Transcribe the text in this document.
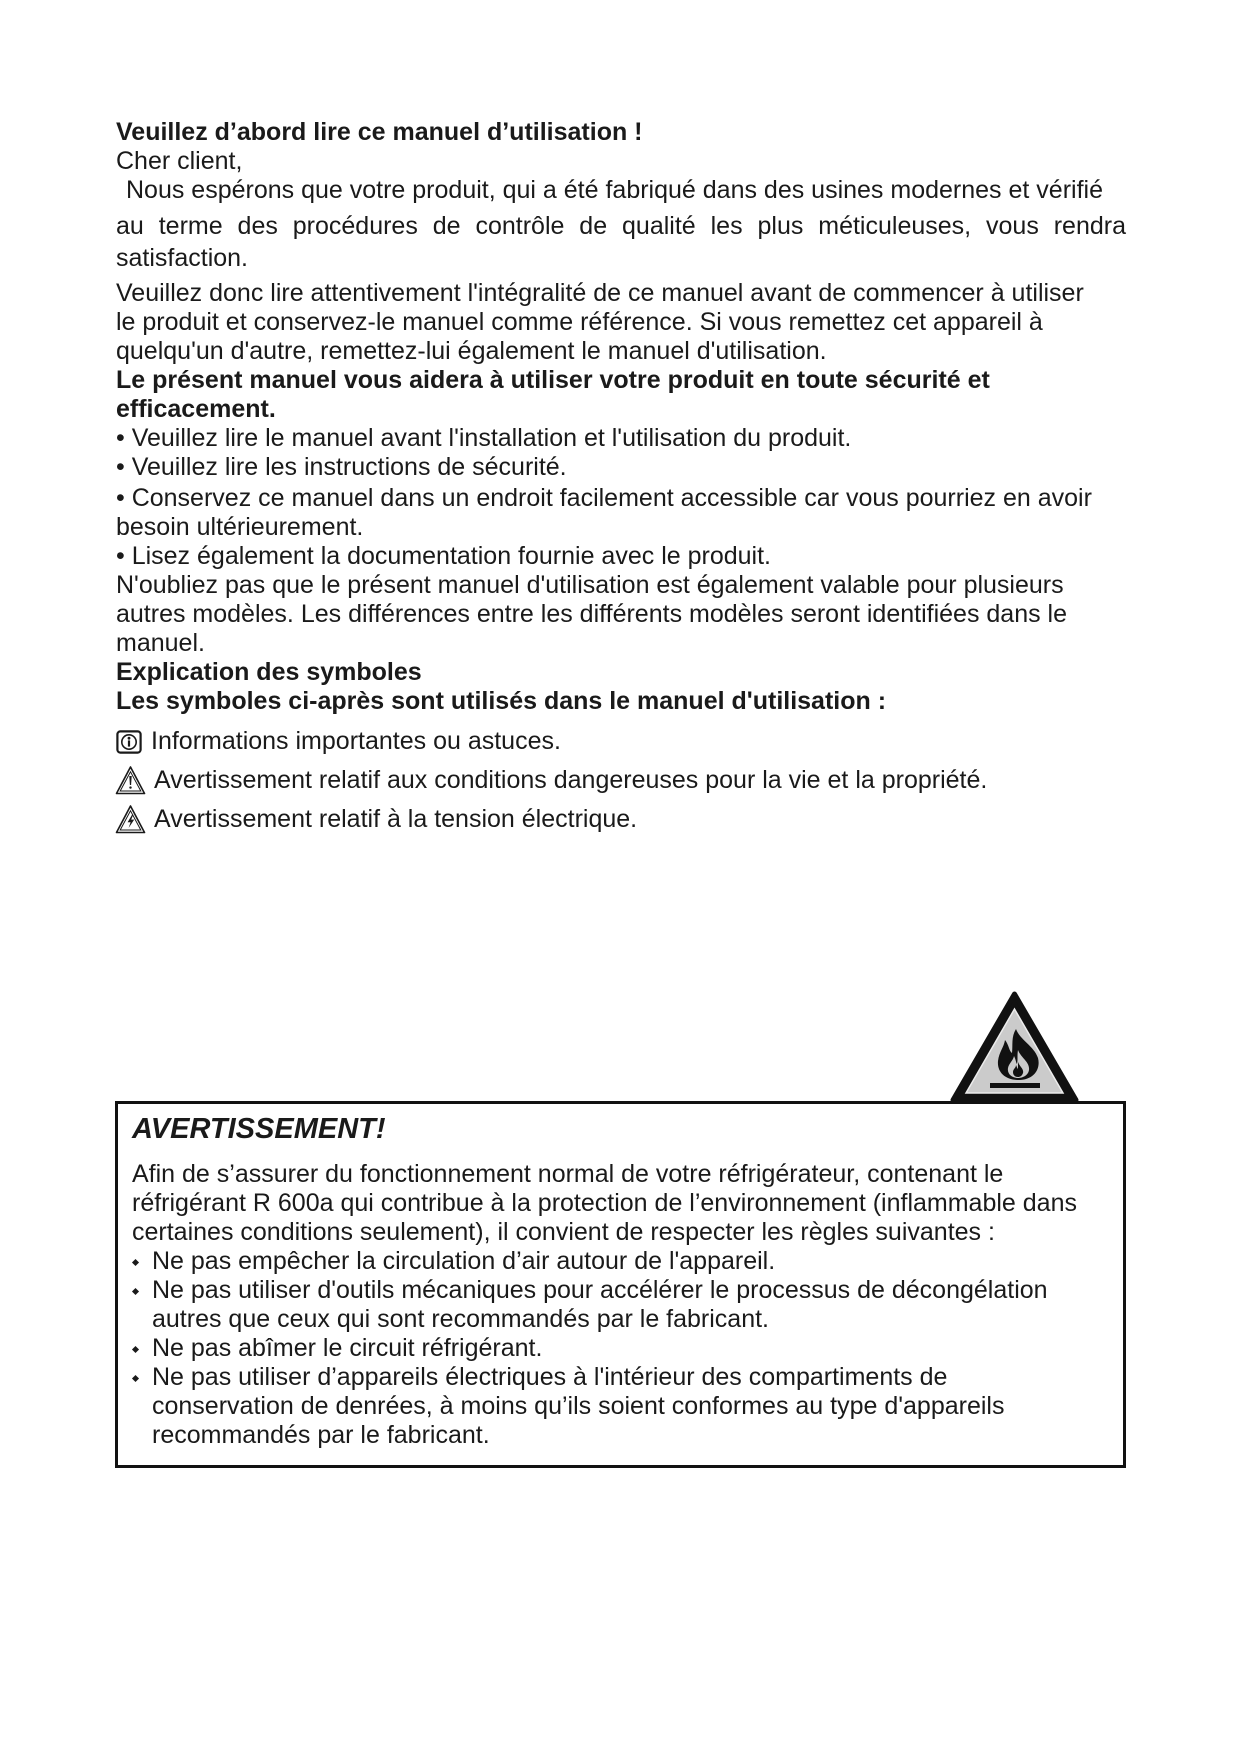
Veuillez d’abord lire ce manuel d’utilisation !
Cher client,
Nous espérons que votre produit, qui a été fabriqué dans des usines modernes et vérifié
au terme des procédures de contrôle de qualité les plus méticuleuses, vous rendra
satisfaction.
Veuillez donc lire attentivement l'intégralité de ce manuel avant de commencer à utiliser
le produit et conservez-le manuel comme référence. Si vous remettez cet appareil à
quelqu'un d'autre, remettez-lui également le manuel d'utilisation.
Le présent manuel vous aidera à utiliser votre produit en toute sécurité et
efficacement.
• Veuillez lire le manuel avant l'installation et l'utilisation du produit.
• Veuillez lire les instructions de sécurité.
• Conservez ce manuel dans un endroit facilement accessible car vous pourriez en avoir
besoin ultérieurement.
• Lisez également la documentation fournie avec le produit.
N'oubliez pas que le présent manuel d'utilisation est également valable pour plusieurs
autres modèles. Les différences entre les différents modèles seront identifiées dans le
manuel.
Explication des symboles
Les symboles ci-après sont utilisés dans le manuel d'utilisation :
Informations importantes ou astuces.
Avertissement relatif aux conditions dangereuses pour la vie et la propriété.
Avertissement relatif à la tension électrique.
AVERTISSEMENT!
Afin de s’assurer du fonctionnement normal de votre réfrigérateur, contenant le
réfrigérant R 600a qui contribue à la protection de l’environnement (inflammable dans
certaines conditions seulement), il convient de respecter les règles suivantes :
Ne pas empêcher la circulation d’air autour de l'appareil.
Ne pas utiliser d'outils mécaniques pour accélérer le processus de décongélation
autres que ceux qui sont recommandés par le fabricant.
Ne pas abîmer le circuit réfrigérant.
Ne pas utiliser d’appareils électriques à l'intérieur des compartiments de
conservation de denrées, à moins qu’ils soient conformes au type d'appareils
recommandés par le fabricant.
